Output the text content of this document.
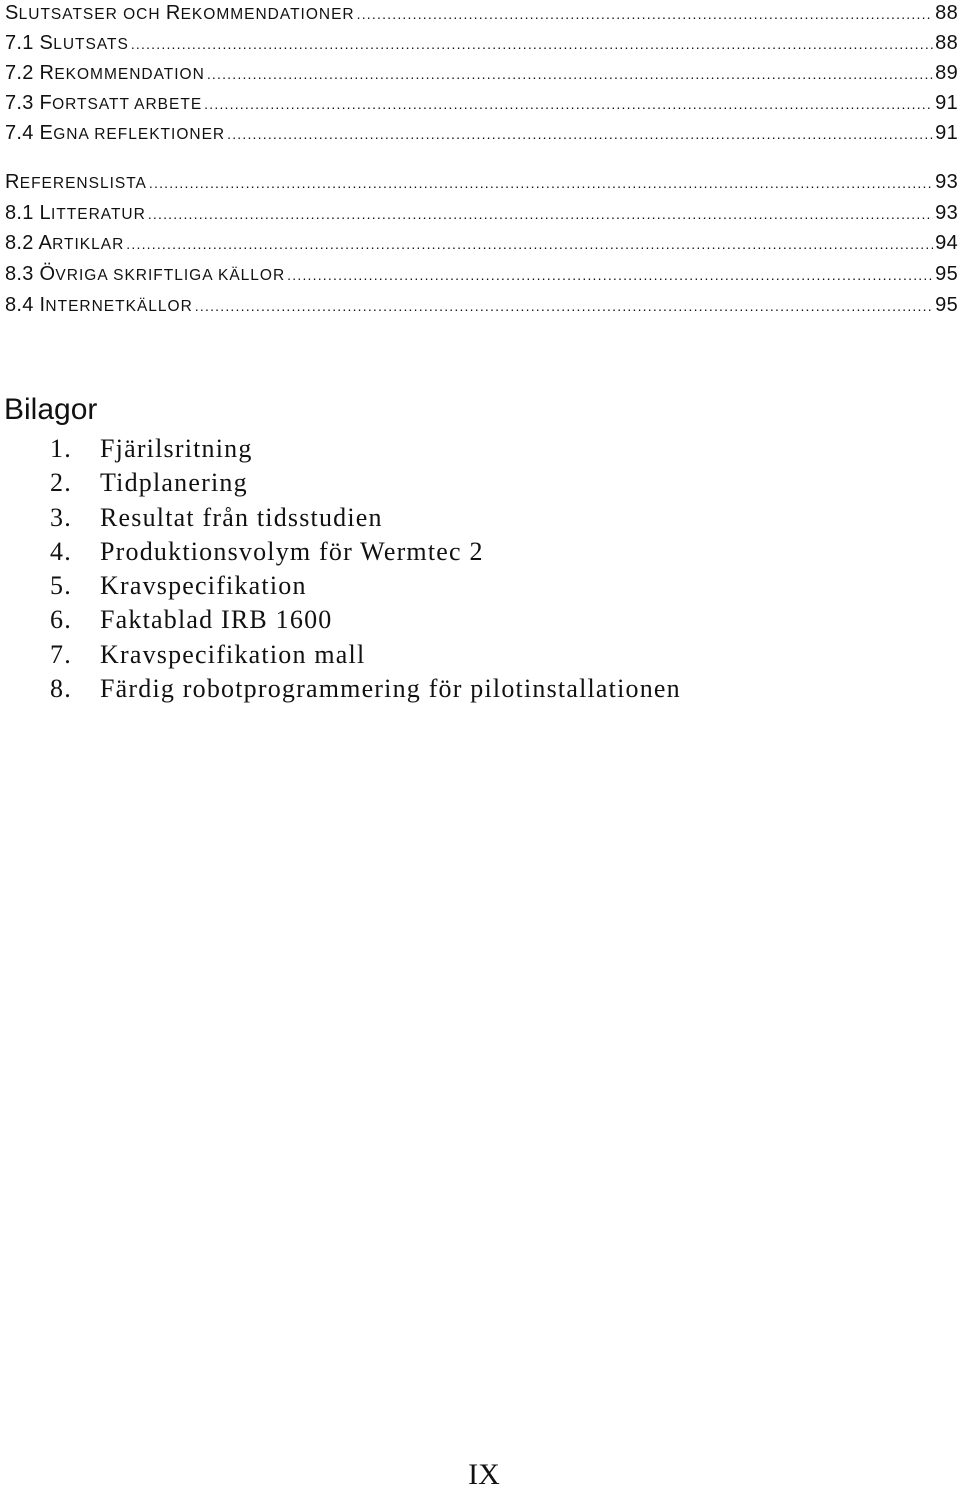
SLUTSATSER OCH REKOMMENDATIONER .....	88
7.1 SLUTSATS .....	88
7.2 REKOMMENDATION .....	89
7.3 FORTSATT ARBETE .....	91
7.4 EGNA REFLEKTIONER .....	91
REFERENSLISTA .....	93
8.1 LITTERATUR .....	93
8.2 ARTIKLAR .....	94
8.3 ÖVRIGA SKRIFTLIGA KÄLLOR .....	95
8.4 INTERNETKÄLLOR .....	95
Bilagor
1.	Fjärilsritning
2.	Tidplanering
3.	Resultat från tidsstudien
4.	Produktionsvolym för Wermtec 2
5.	Kravspecifikation
6.	Faktablad IRB 1600
7.	Kravspecifikation mall
8.	Färdig robotprogrammering för pilotinstallationen
IX
